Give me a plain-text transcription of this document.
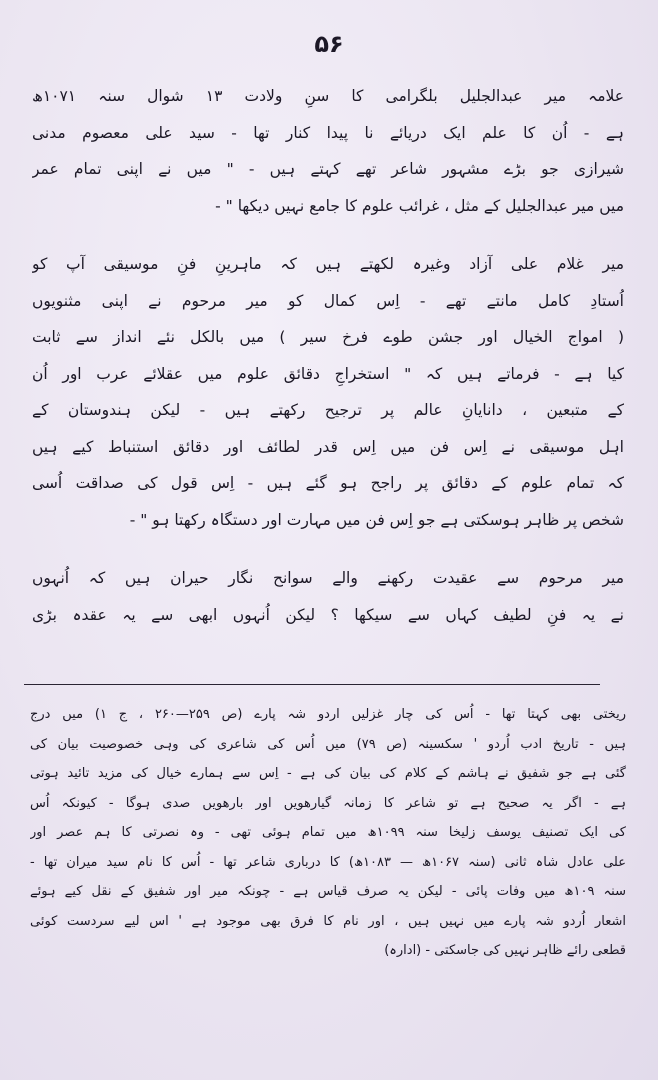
۵۶
علامہ میر عبدالجلیل بلگرامی کا سنِ ولادت ۱۳ شوال سنہ ۱۰۷۱ھ
ہے - اُن کا علم ایک دریائے نا پیدا کنار تھا - سید علی معصوم مدنی
شیرازی جو بڑے مشہور شاعر تھے کہتے ہیں - " میں نے اپنی تمام عمر
میں میر عبدالجلیل کے مثل ، غرائب علوم کا جامع نہیں دیکھا " -
میر غلام علی آزاد وغیرہ لکھتے ہیں کہ ماہرینِ فنِ موسیقی آپ کو
اُستادِ کامل مانتے تھے - اِس کمال کو میر مرحوم نے اپنی مثنویوں
( امواج الخیال اور جشن طوے فرخ سیر ) میں بالکل نئے انداز سے ثابت
کیا ہے - فرماتے ہیں کہ " استخراجِ دقائق علوم میں عقلائے عرب اور اُن
کے متبعین ، دانایانِ عالم پر ترجیح رکھتے ہیں - لیکن ہندوستان کے
اہل موسیقی نے اِس فن میں اِس قدر لطائف اور دقائق استنباط کیے ہیں
کہ تمام علوم کے دقائق پر راجح ہو گئے ہیں - اِس قول کی صداقت اُسی
شخص پر ظاہر ہوسکتی ہے جو اِس فن میں مہارت اور دستگاہ رکھتا ہو " -
میر مرحوم سے عقیدت رکھنے والے سوانح نگار حیران ہیں کہ اُنہوں
نے یہ فنِ لطیف کہاں سے سیکھا ؟ لیکن اُنہوں ابھی سے یہ عقدہ بڑی
ریختی بھی کہتا تھا - اُس کی چار غزلیں اردو شہ پارے (ص ۲۵۹—۲۶۰ ، ج ۱) میں درج
ہیں - تاریخ ادب اُردو ' سکسینہ (ص ۷۹) میں اُس کی شاعری کی وہی خصوصیت بیان کی
گئی ہے جو شفیق نے ہاشم کے کلام کی بیان کی ہے - اِس سے ہمارے خیال کی مزید تائید ہوتی
ہے - اگر یہ صحیح ہے تو شاعر کا زمانہ گیارھویں اور بارھویں صدی ہوگا - کیونکہ اُس
کی ایک تصنیف یوسف زلیخا سنہ ۱۰۹۹ھ میں تمام ہوئی تھی - وہ نصرتی کا ہم عصر اور
علی عادل شاہ ثانی (سنہ ۱۰۶۷ھ — ۱۰۸۳ھ) کا درباری شاعر تھا - اُس کا نام سید میران تھا -
سنہ ۱۰۹ھ میں وفات پائی - لیکن یہ صرف قیاس ہے - چونکہ میر اور شفیق کے نقل کیے ہوئے
اشعار اُردو شہ پارے میں نہیں ہیں ، اور نام کا فرق بھی موجود ہے ' اس لیے سردست کوئی
قطعی رائے ظاہر نہیں کی جاسکتی - (ادارہ)
